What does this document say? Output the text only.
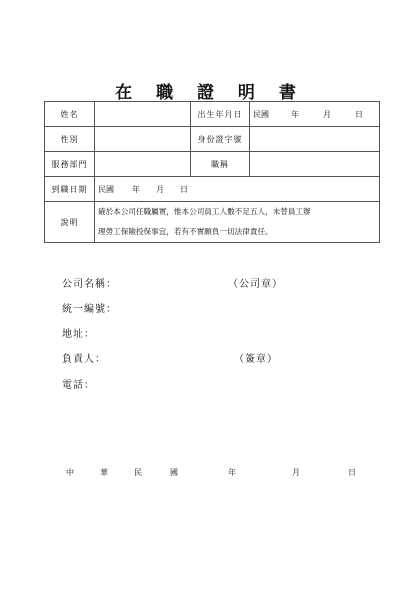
在 職 證 明 書
姓名		出生年月日	民國 年 月 日
性別		身份證字號	
服務部門		職稱	
到職日期	民國 年 月 日		
說明	確於本公司任職屬實，惟本公司員工人數不足五人，未替員工辦
理勞工保險投保事宜，若有不實願負一切法律責任。		
公司名稱：	（公司章）
統一編號：
地址：
負責人：	（簽章）
電話：
中	華	民	國	年	月	日
